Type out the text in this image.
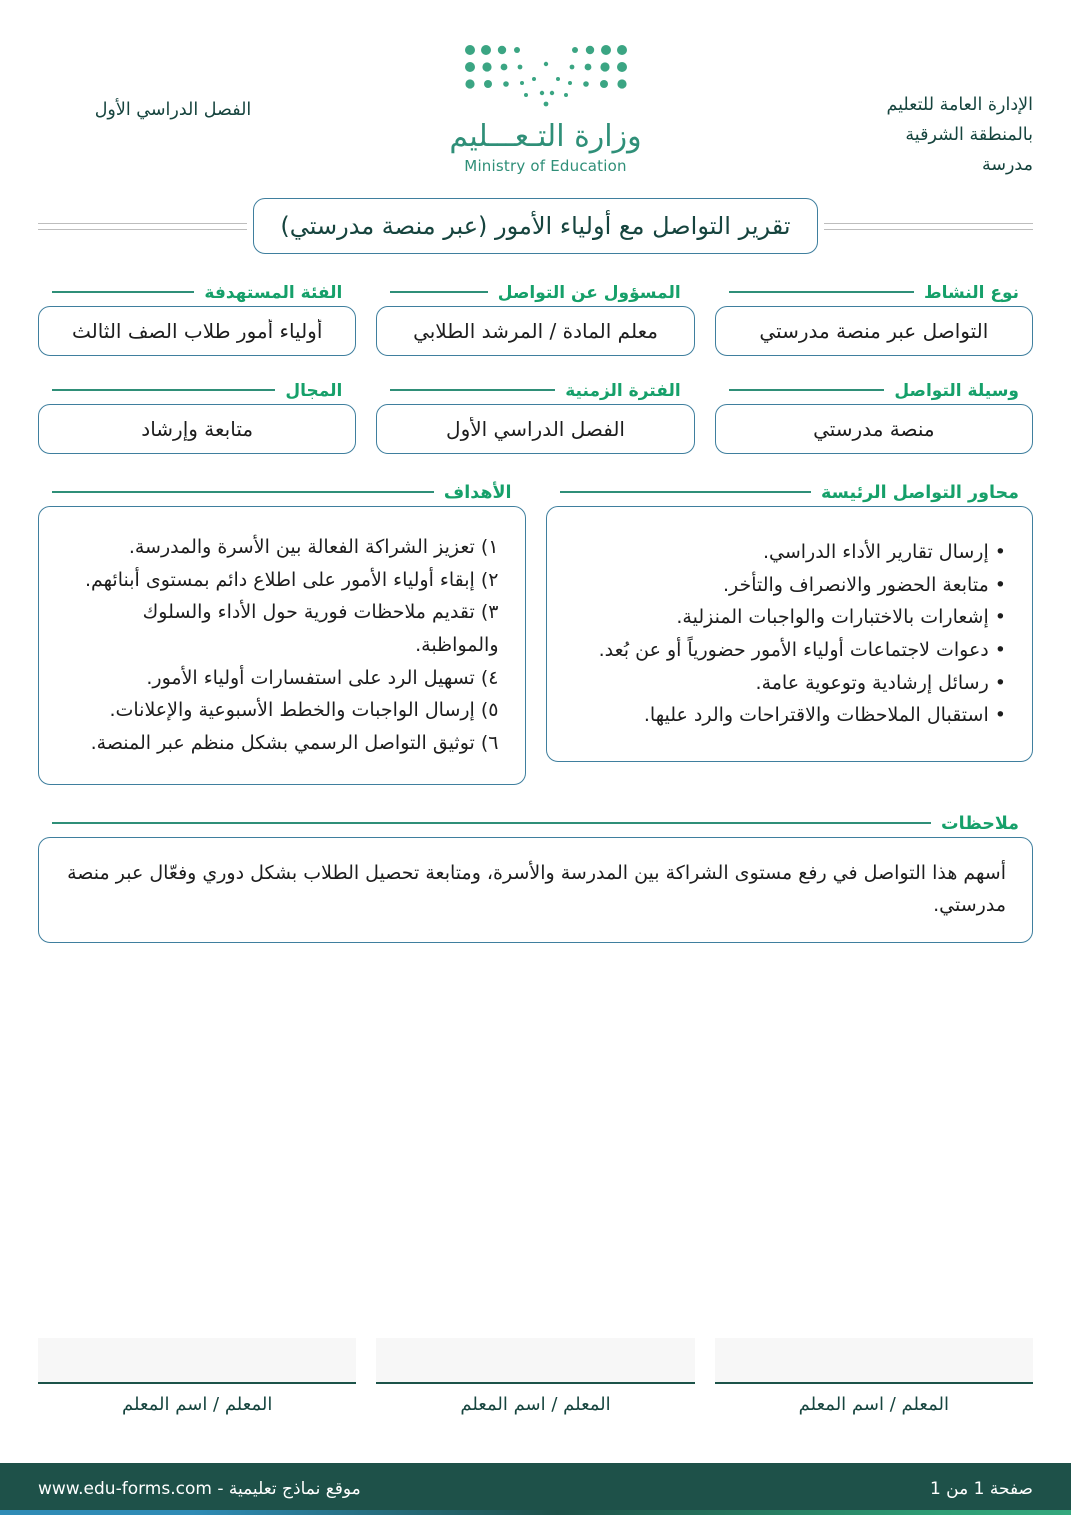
الإدارة العامة للتعليم
بالمنطقة الشرقية
مدرسة
وزارة التـعـــليم
Ministry of Education
الفصل الدراسي الأول
تقرير التواصل مع أولياء الأمور (عبر منصة مدرستي)
نوع النشاط
التواصل عبر منصة مدرستي
المسؤول عن التواصل
معلم المادة / المرشد الطلابي
الفئة المستهدفة
أولياء أمور طلاب الصف الثالث
وسيلة التواصل
منصة مدرستي
الفترة الزمنية
الفصل الدراسي الأول
المجال
متابعة وإرشاد
محاور التواصل الرئيسة
• إرسال تقارير الأداء الدراسي.
• متابعة الحضور والانصراف والتأخر.
• إشعارات بالاختبارات والواجبات المنزلية.
• دعوات لاجتماعات أولياء الأمور حضورياً أو عن بُعد.
• رسائل إرشادية وتوعوية عامة.
• استقبال الملاحظات والاقتراحات والرد عليها.
الأهداف
١) تعزيز الشراكة الفعالة بين الأسرة والمدرسة.
٢) إبقاء أولياء الأمور على اطلاع دائم بمستوى أبنائهم.
٣) تقديم ملاحظات فورية حول الأداء والسلوك والمواظبة.
٤) تسهيل الرد على استفسارات أولياء الأمور.
٥) إرسال الواجبات والخطط الأسبوعية والإعلانات.
٦) توثيق التواصل الرسمي بشكل منظم عبر المنصة.
ملاحظات
أسهم هذا التواصل في رفع مستوى الشراكة بين المدرسة والأسرة، ومتابعة تحصيل الطلاب بشكل دوري وفعّال عبر منصة مدرستي.
المعلم / اسم المعلم
المعلم / اسم المعلم
المعلم / اسم المعلم
صفحة 1 من 1
موقع نماذج تعليمية - www.edu-forms.com
